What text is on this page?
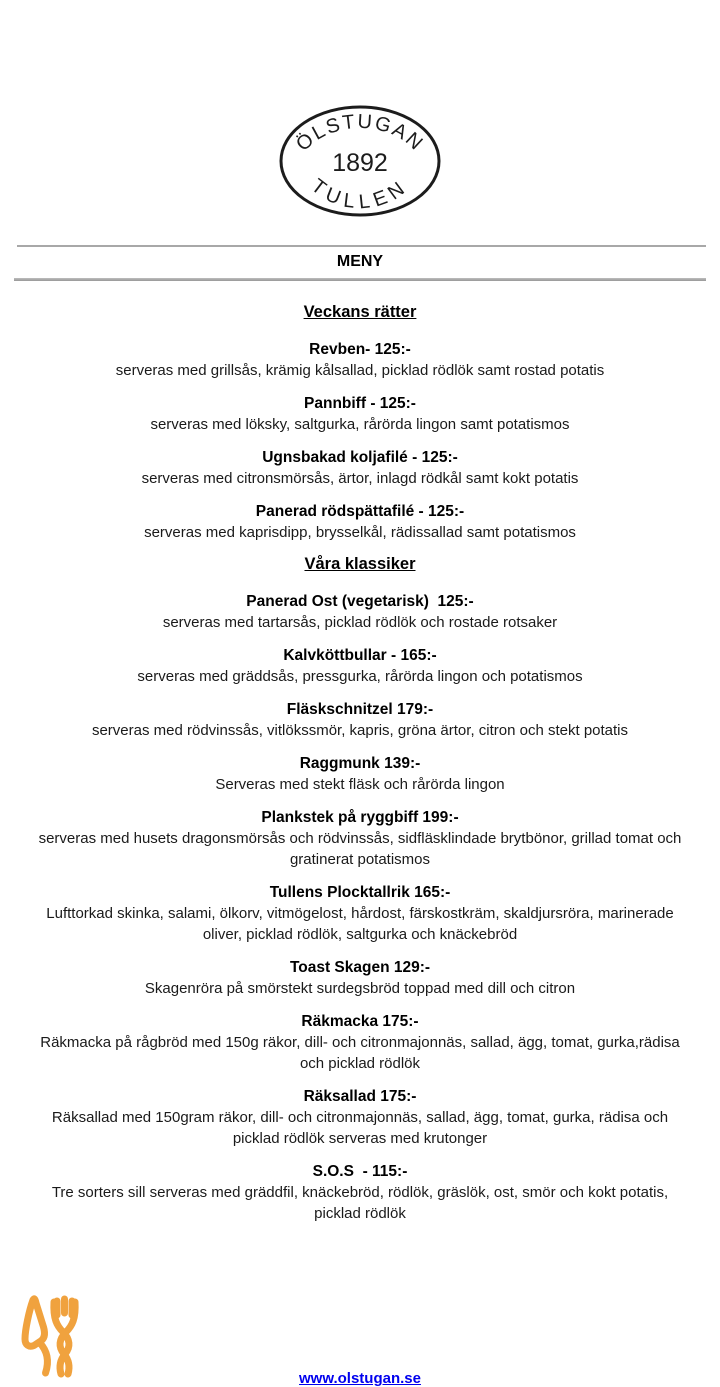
ÖLSTUGAN
1892
TULLEN
MENY
Veckans rätter
Revben- 125:-
serveras med grillsås, krämig kålsallad, picklad rödlök samt rostad potatis
Pannbiff - 125:-
serveras med löksky, saltgurka, rårörda lingon samt potatismos
Ugnsbakad koljafilé - 125:-
serveras med citronsmörsås, ärtor, inlagd rödkål samt kokt potatis
Panerad rödspättafilé - 125:-
serveras med kaprisdipp, brysselkål, rädissallad samt potatismos
Våra klassiker
Panerad Ost (vegetarisk)  125:-
serveras med tartarsås, picklad rödlök och rostade rotsaker
Kalvköttbullar - 165:-
serveras med gräddsås, pressgurka, rårörda lingon och potatismos
Fläskschnitzel 179:-
serveras med rödvinssås, vitlökssmör, kapris, gröna ärtor, citron och stekt potatis
Raggmunk 139:-
Serveras med stekt fläsk och rårörda lingon
Plankstek på ryggbiff 199:-
serveras med husets dragonsmörsås och rödvinssås, sidfläsklindade brytbönor, grillad tomat och gratinerat potatismos
Tullens Plocktallrik 165:-
Lufttorkad skinka, salami, ölkorv, vitmögelost, hårdost, färskostkräm, skaldjursröra, marinerade oliver, picklad rödlök, saltgurka och knäckebröd
Toast Skagen 129:-
Skagenröra på smörstekt surdegsbröd toppad med dill och citron
Räkmacka 175:-
Räkmacka på rågbröd med 150g räkor, dill- och citronmajonnäs, sallad, ägg, tomat, gurka,rädisa och picklad rödlök
Räksallad 175:-
Räksallad med 150gram räkor, dill- och citronmajonnäs, sallad, ägg, tomat, gurka, rädisa och picklad rödlök serveras med krutonger
S.O.S  - 115:-
Tre sorters sill serveras med gräddfil, knäckebröd, rödlök, gräslök, ost, smör och kokt potatis, picklad rödlök
www.olstugan.se
